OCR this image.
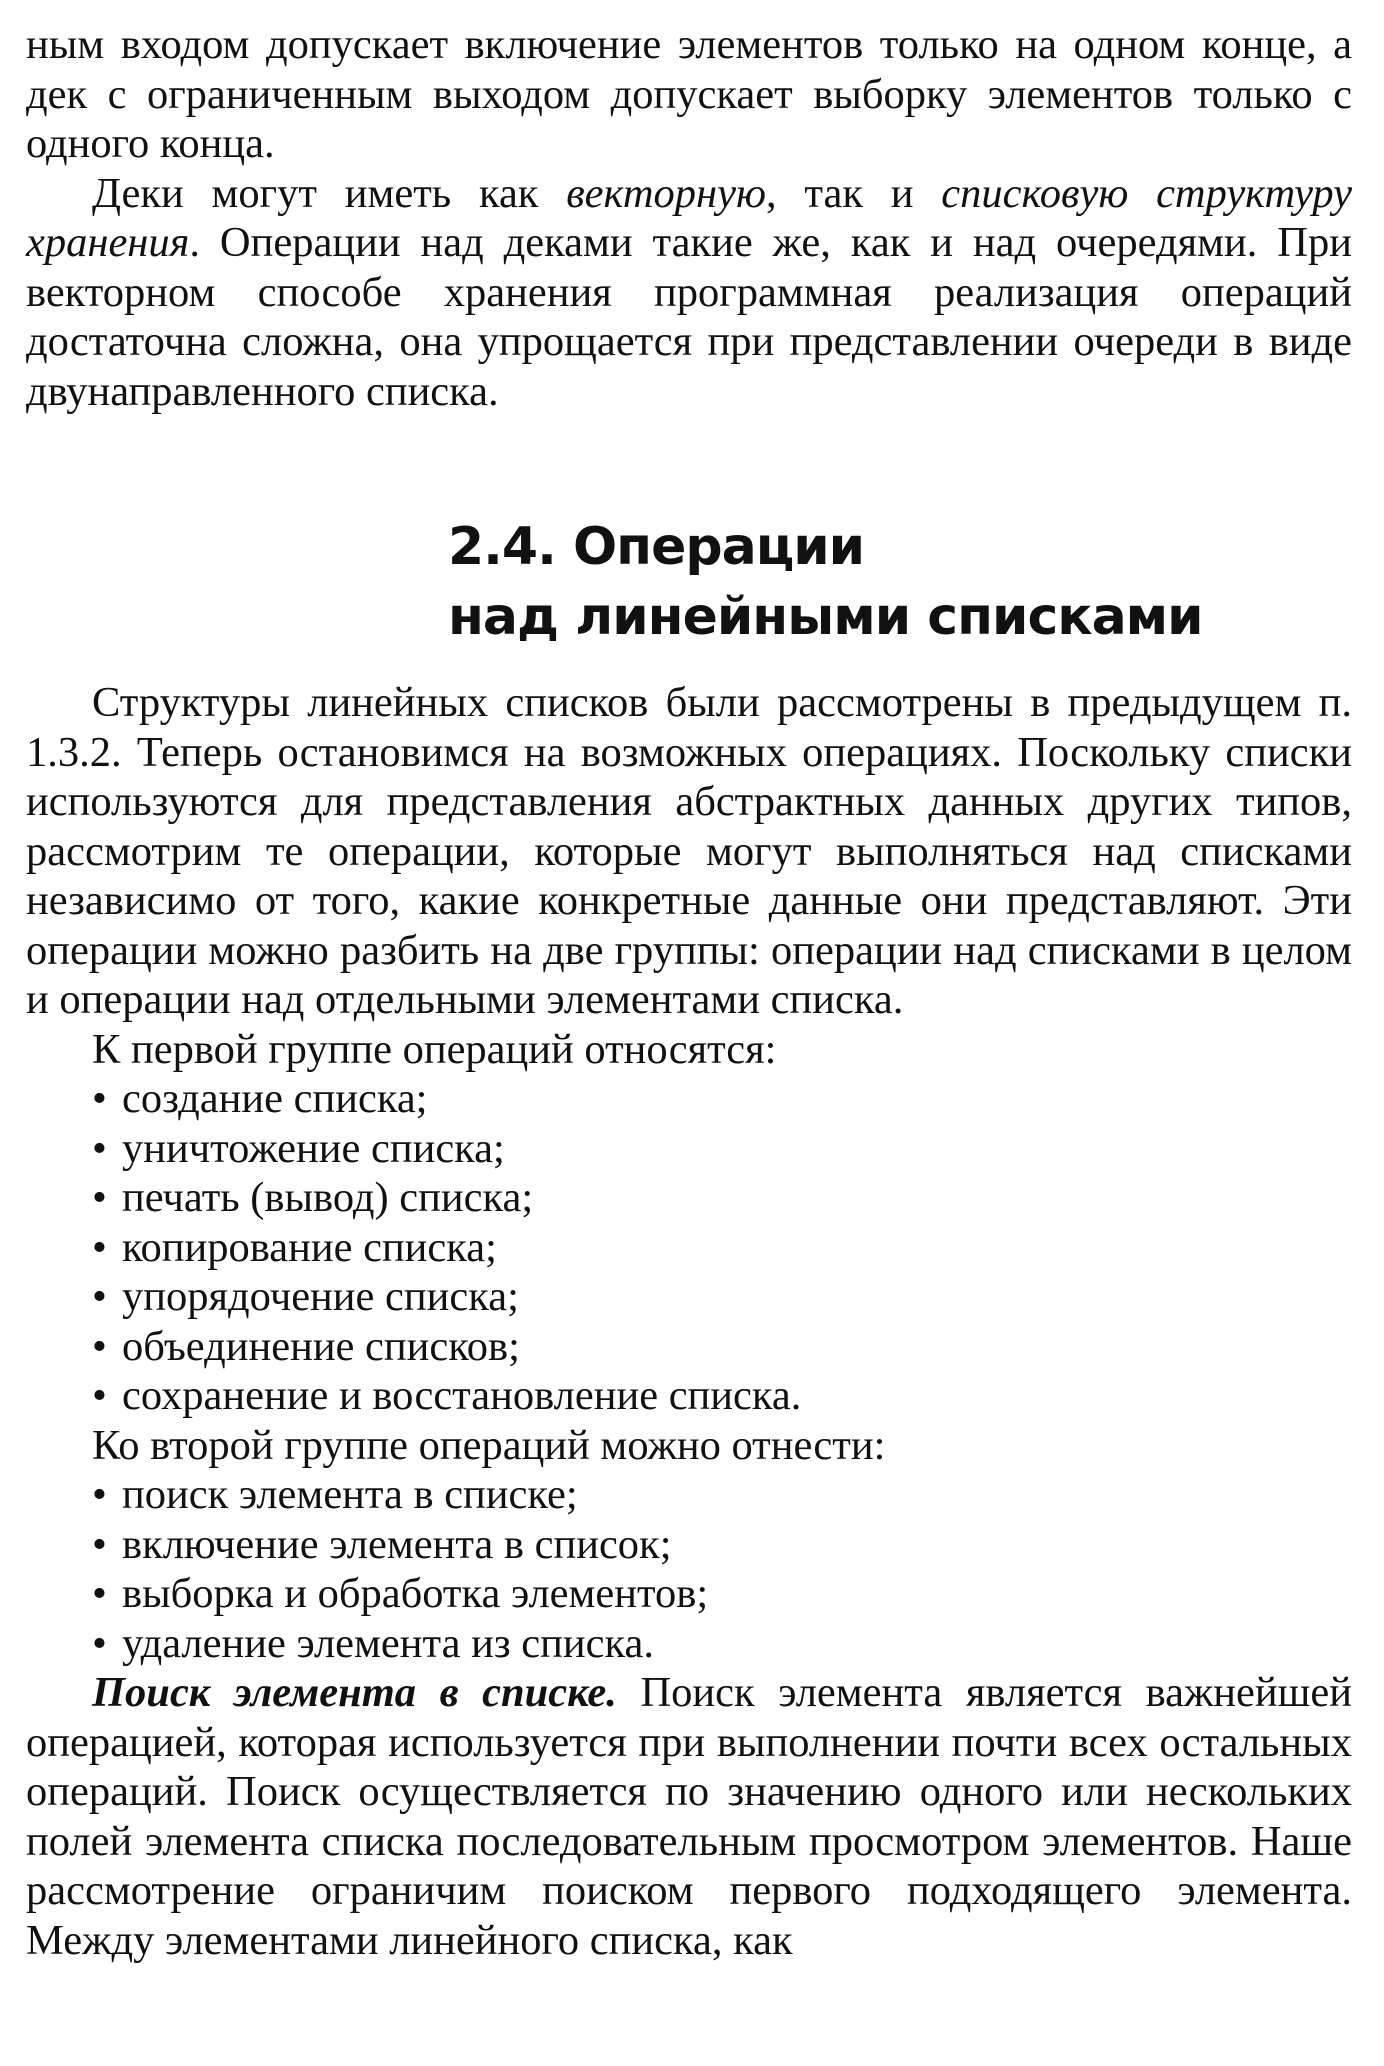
ным входом допускает включение элементов только на одном конце, а дек с ограниченным выходом допускает выборку элементов только с одного конца.

Деки могут иметь как векторную, так и списковую структуру хранения. Операции над деками такие же, как и над очередями. При векторном способе хранения программная реализация операций достаточна сложна, она упрощается при представлении очереди в виде двунаправленного списка.

2.4. Операции
над линейными списками

Структуры линейных списков были рассмотрены в предыдущем п. 1.3.2. Теперь остановимся на возможных операциях. Поскольку списки используются для представления абстрактных данных других типов, рассмотрим те операции, которые могут выполняться над списками независимо от того, какие конкретные данные они представляют. Эти операции можно разбить на две группы: операции над списками в целом и операции над отдельными элементами списка.

К первой группе операций относятся:
• создание списка;
• уничтожение списка;
• печать (вывод) списка;
• копирование списка;
• упорядочение списка;
• объединение списков;
• сохранение и восстановление списка.
Ко второй группе операций можно отнести:
• поиск элемента в списке;
• включение элемента в список;
• выборка и обработка элементов;
• удаление элемента из списка.

Поиск элемента в списке. Поиск элемента является важнейшей операцией, которая используется при выполнении почти всех остальных операций. Поиск осуществляется по значению одного или нескольких полей элемента списка последовательным просмотром элементов. Наше рассмотрение ограничим поиском первого подходящего элемента. Между элементами линейного списка, как
